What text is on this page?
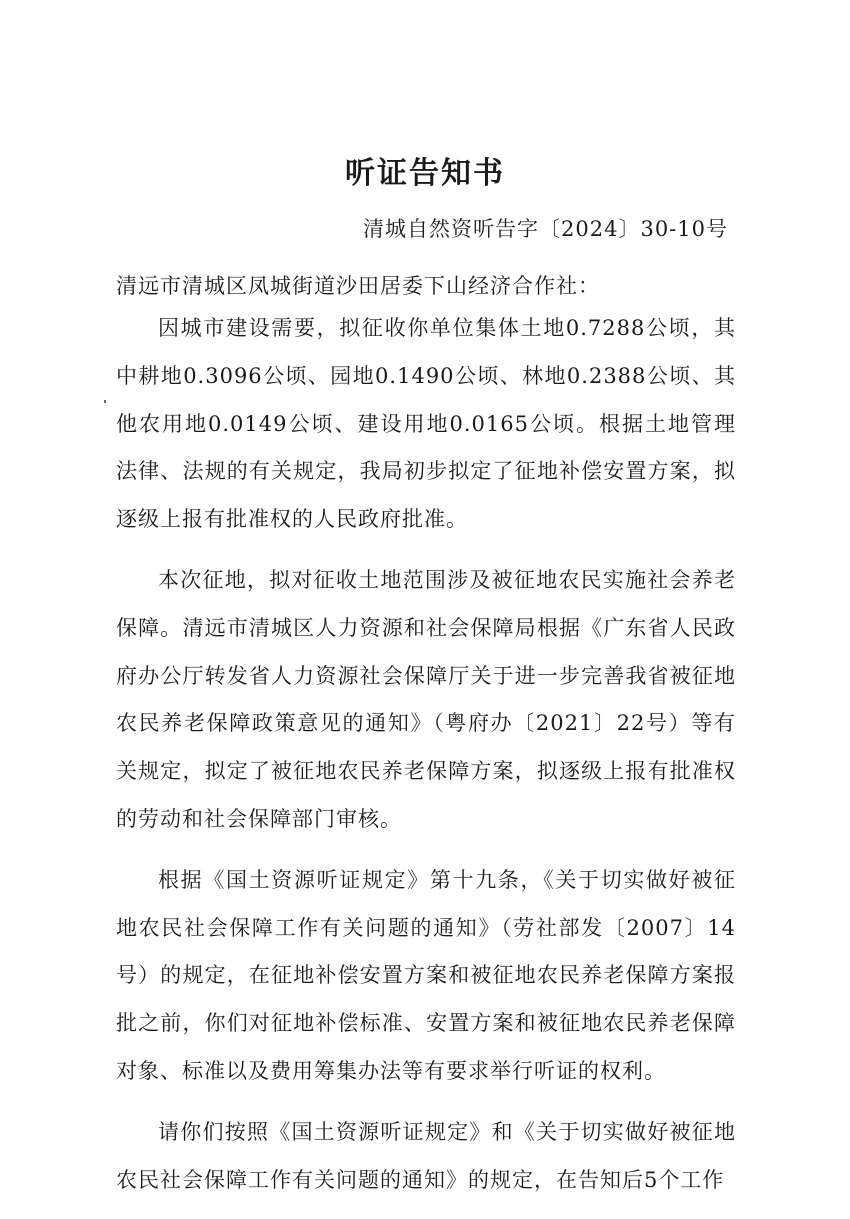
听证告知书
清城自然资听告字〔2024〕30-10号
清远市清城区凤城街道沙田居委下山经济合作社：

因城市建设需要，拟征收你单位集体土地0.7288公顷，其中耕地0.3096公顷、园地0.1490公顷、林地0.2388公顷、其他农用地0.0149公顷、建设用地0.0165公顷。根据土地管理法律、法规的有关规定，我局初步拟定了征地补偿安置方案，拟逐级上报有批准权的人民政府批准。

本次征地，拟对征收土地范围涉及被征地农民实施社会养老保障。清远市清城区人力资源和社会保障局根据《广东省人民政府办公厅转发省人力资源社会保障厅关于进一步完善我省被征地农民养老保障政策意见的通知》（粤府办〔2021〕22号）等有关规定，拟定了被征地农民养老保障方案，拟逐级上报有批准权的劳动和社会保障部门审核。

根据《国土资源听证规定》第十九条，《关于切实做好被征地农民社会保障工作有关问题的通知》（劳社部发〔2007〕14号）的规定，在征地补偿安置方案和被征地农民养老保障方案报批之前，你们对征地补偿标准、安置方案和被征地农民养老保障对象、标准以及费用筹集办法等有要求举行听证的权利。

请你们按照《国土资源听证规定》和《关于切实做好被征地农民社会保障工作有关问题的通知》的规定，在告知后5个工作
